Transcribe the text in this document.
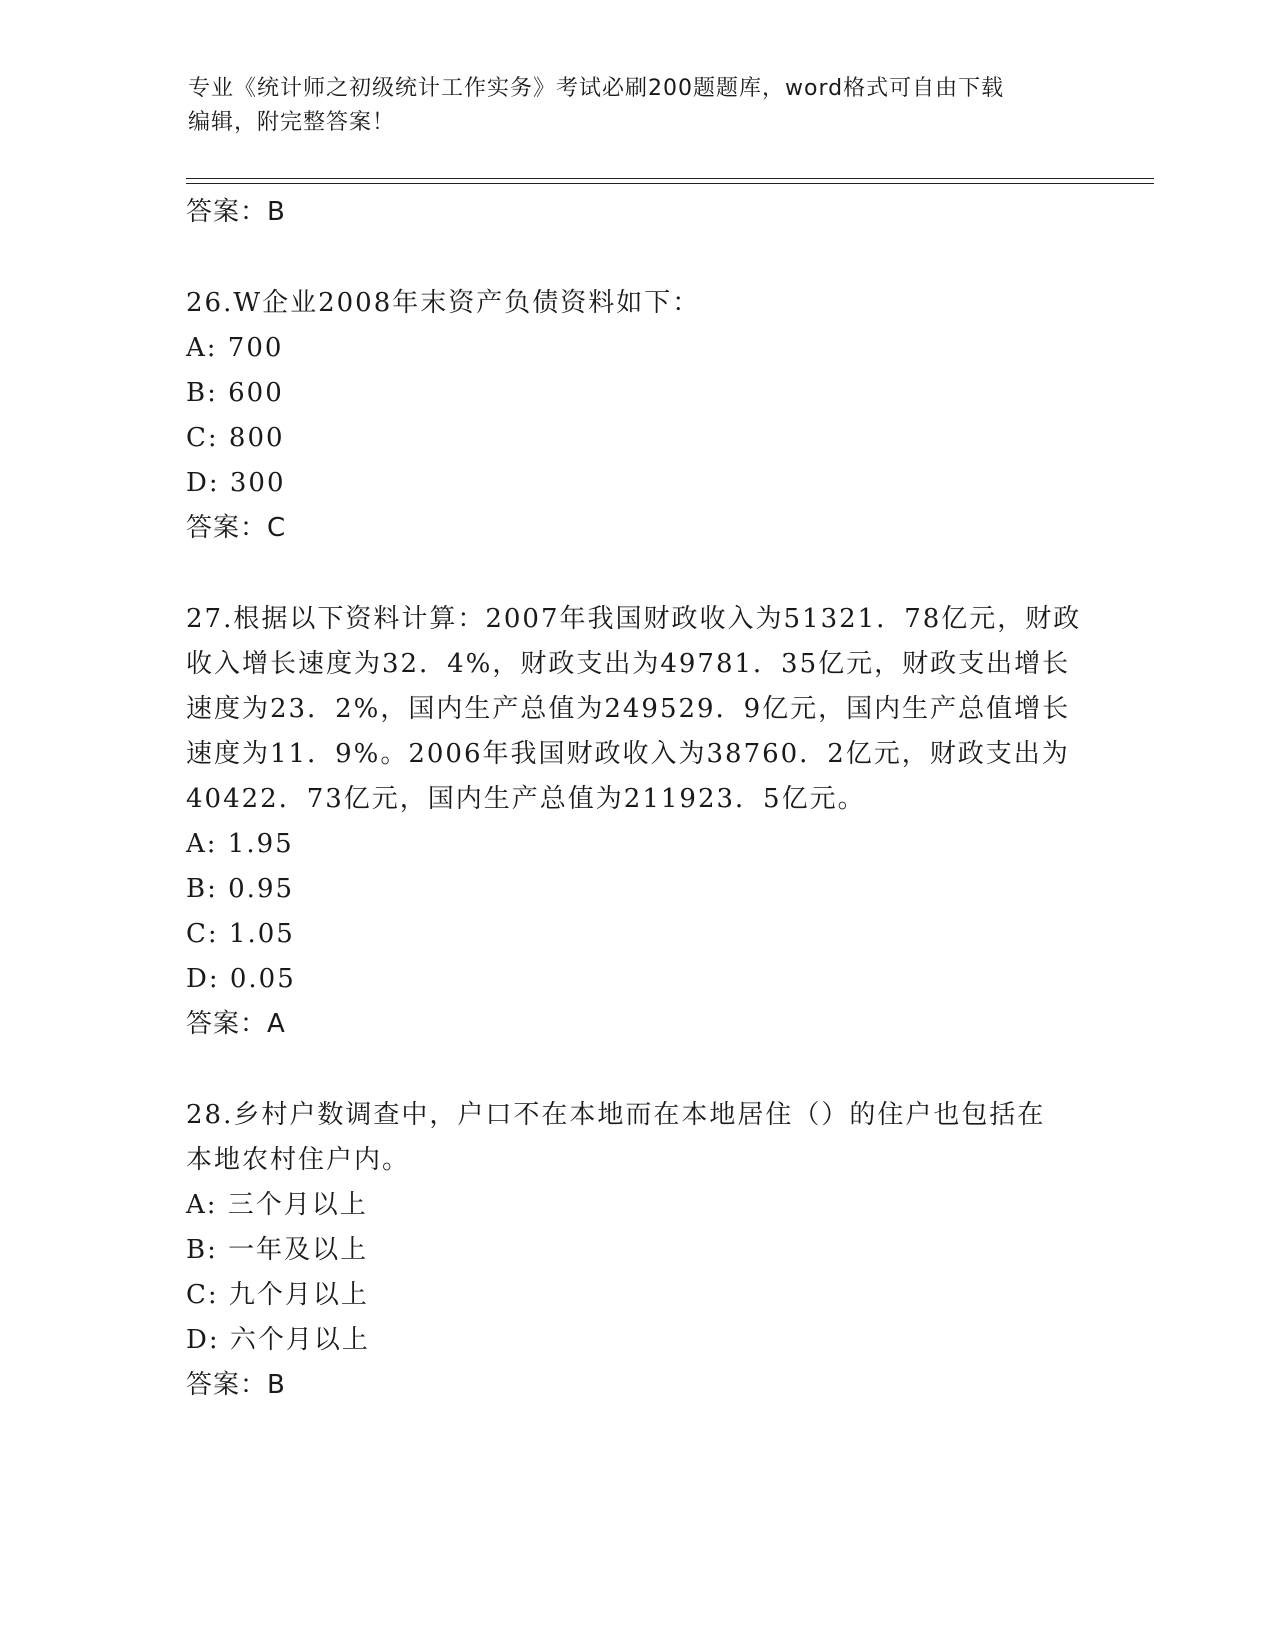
专业《统计师之初级统计工作实务》考试必刷200题题库，word格式可自由下载
编辑，附完整答案！
答案：B
26.W企业2008年末资产负债资料如下：
A: 700
B: 600
C: 800
D: 300
答案：C
27.根据以下资料计算：2007年我国财政收入为51321．78亿元，财政
收入增长速度为32．4%，财政支出为49781．35亿元，财政支出增长
速度为23．2%，国内生产总值为249529．9亿元，国内生产总值增长
速度为11．9%。2006年我国财政收入为38760．2亿元，财政支出为
40422．73亿元，国内生产总值为211923．5亿元。
A: 1.95
B: 0.95
C: 1.05
D: 0.05
答案：A
28.乡村户数调查中，户口不在本地而在本地居住（）的住户也包括在
本地农村住户内。
A: 三个月以上
B: 一年及以上
C: 九个月以上
D: 六个月以上
答案：B
